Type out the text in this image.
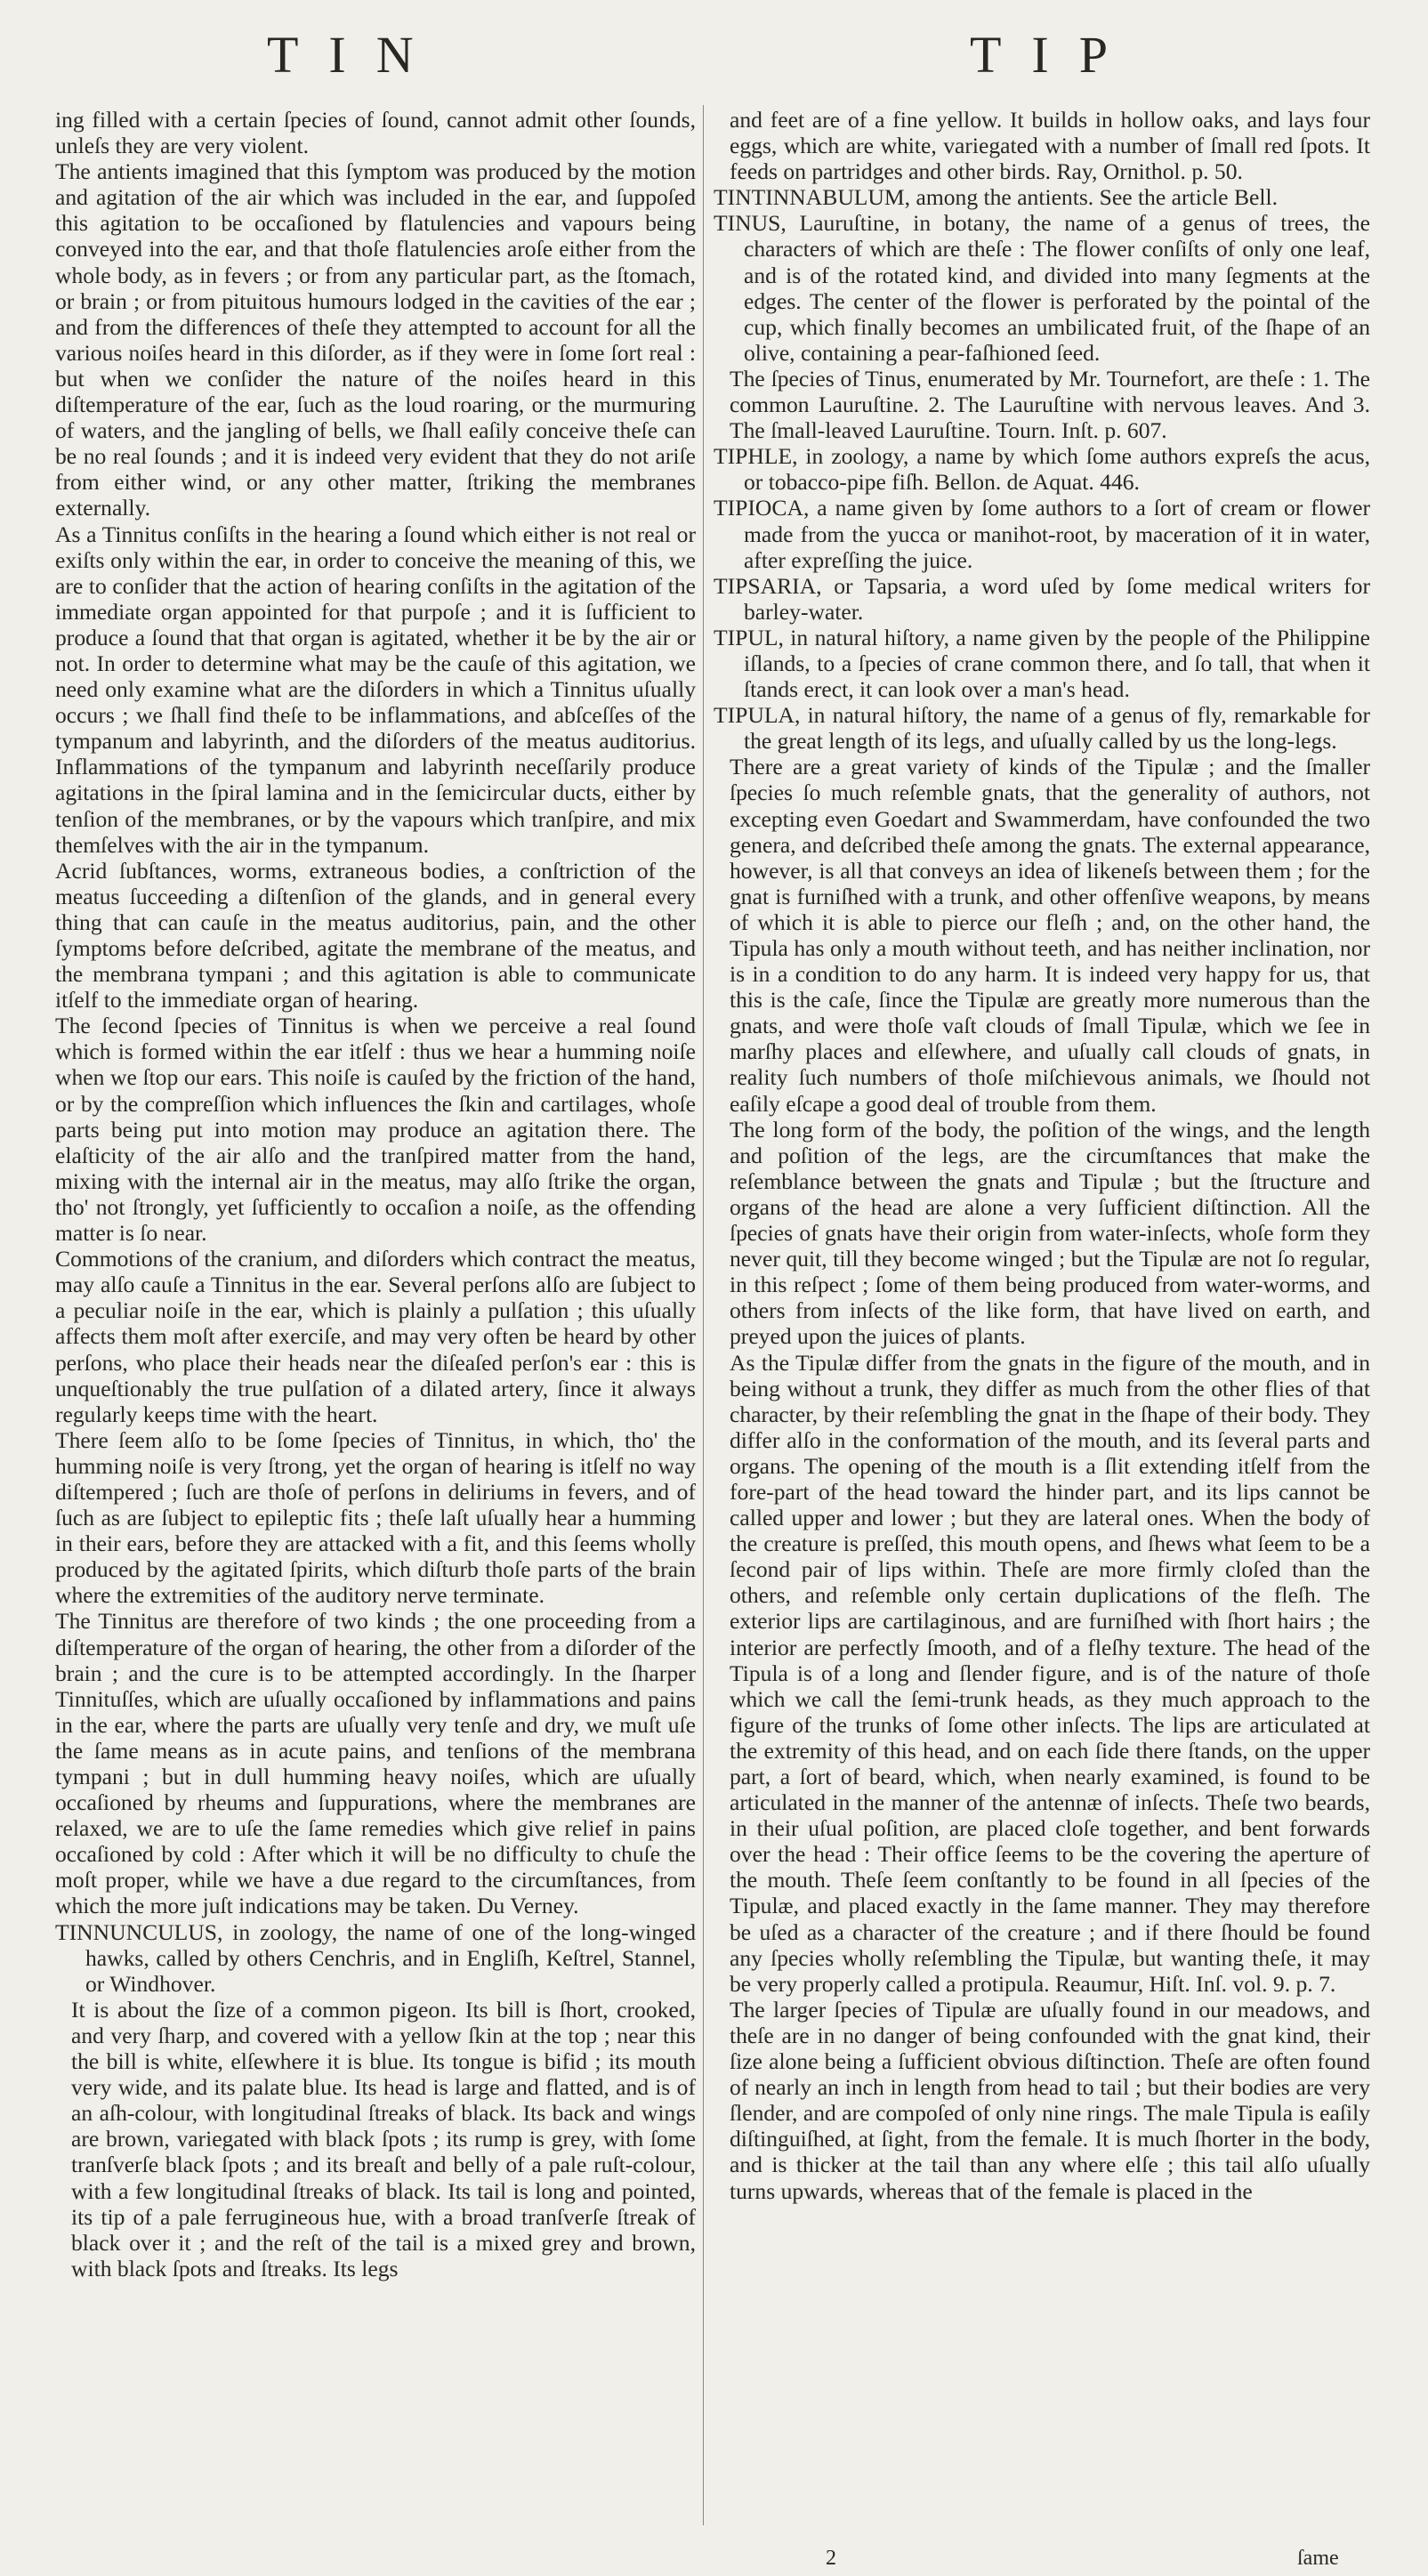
TIN	TIP

ing filled with a certain ſpecies of ſound, cannot admit other ſounds, unleſs they are very violent.

The antients imagined that this ſymptom was produced by the motion and agitation of the air which was included in the ear, and ſuppoſed this agitation to be occaſioned by flatulencies and vapours being conveyed into the ear, and that thoſe flatulencies aroſe either from the whole body, as in fevers ; or from any particular part, as the ſtomach, or brain ; or from pituitous humours lodged in the cavities of the ear ; and from the differences of theſe they attempted to account for all the various noiſes heard in this diſorder, as if they were in ſome ſort real : but when we conſider the nature of the noiſes heard in this diſtemperature of the ear, ſuch as the loud roaring, or the murmuring of waters, and the jangling of bells, we ſhall eaſily conceive theſe can be no real ſounds ; and it is indeed very evident that they do not ariſe from either wind, or any other matter, ſtriking the membranes externally.

As a Tinnitus conſiſts in the hearing a ſound which either is not real or exiſts only within the ear, in order to conceive the meaning of this, we are to conſider that the action of hearing conſiſts in the agitation of the immediate organ appointed for that purpoſe ; and it is ſufficient to produce a ſound that that organ is agitated, whether it be by the air or not. In order to determine what may be the cauſe of this agitation, we need only examine what are the diſorders in which a Tinnitus uſually occurs ; we ſhall find theſe to be inflammations, and abſceſſes of the tympanum and labyrinth, and the diſorders of the meatus auditorius. Inflammations of the tympanum and labyrinth neceſſarily produce agitations in the ſpiral lamina and in the ſemicircular ducts, either by tenſion of the membranes, or by the vapours which tranſpire, and mix themſelves with the air in the tympanum.

Acrid ſubſtances, worms, extraneous bodies, a conſtriction of the meatus ſucceeding a diſtenſion of the glands, and in general every thing that can cauſe in the meatus auditorius, pain, and the other ſymptoms before deſcribed, agitate the membrane of the meatus, and the membrana tympani ; and this agitation is able to communicate itſelf to the immediate organ of hearing.

The ſecond ſpecies of Tinnitus is when we perceive a real ſound which is formed within the ear itſelf : thus we hear a humming noiſe when we ſtop our ears. This noiſe is cauſed by the friction of the hand, or by the compreſſion which influences the ſkin and cartilages, whoſe parts being put into motion may produce an agitation there. The elaſticity of the air alſo and the tranſpired matter from the hand, mixing with the internal air in the meatus, may alſo ſtrike the organ, tho' not ſtrongly, yet ſufficiently to occaſion a noiſe, as the offending matter is ſo near.

Commotions of the cranium, and diſorders which contract the meatus, may alſo cauſe a Tinnitus in the ear. Several perſons alſo are ſubject to a peculiar noiſe in the ear, which is plainly a pulſation ; this uſually affects them moſt after exerciſe, and may very often be heard by other perſons, who place their heads near the diſeaſed perſon's ear : this is unqueſtionably the true pulſation of a dilated artery, ſince it always regularly keeps time with the heart.

There ſeem alſo to be ſome ſpecies of Tinnitus, in which, tho' the humming noiſe is very ſtrong, yet the organ of hearing is itſelf no way diſtempered ; ſuch are thoſe of perſons in deliriums in fevers, and of ſuch as are ſubject to epileptic fits ; theſe laſt uſually hear a humming in their ears, before they are attacked with a fit, and this ſeems wholly produced by the agitated ſpirits, which diſturb thoſe parts of the brain where the extremities of the auditory nerve terminate.

The Tinnitus are therefore of two kinds ; the one proceeding from a diſtemperature of the organ of hearing, the other from a diſorder of the brain ; and the cure is to be attempted accordingly. In the ſharper Tinnituſſes, which are uſually occaſioned by inflammations and pains in the ear, where the parts are uſually very tenſe and dry, we muſt uſe the ſame means as in acute pains, and tenſions of the membrana tympani ; but in dull humming heavy noiſes, which are uſually occaſioned by rheums and ſuppurations, where the membranes are relaxed, we are to uſe the ſame remedies which give relief in pains occaſioned by cold : After which it will be no difficulty to chuſe the moſt proper, while we have a due regard to the circumſtances, from which the more juſt indications may be taken. Du Verney.

TINNUNCULUS, in zoology, the name of one of the long-winged hawks, called by others Cenchris, and in Engliſh, Keſtrel, Stannel, or Windhover.

It is about the ſize of a common pigeon. Its bill is ſhort, crooked, and very ſharp, and covered with a yellow ſkin at the top ; near this the bill is white, elſewhere it is blue. Its tongue is bifid ; its mouth very wide, and its palate blue. Its head is large and flatted, and is of an aſh-colour, with longitudinal ſtreaks of black. Its back and wings are brown, variegated with black ſpots ; its rump is grey, with ſome tranſverſe black ſpots ; and its breaſt and belly of a pale ruſt-colour, with a few longitudinal ſtreaks of black. Its tail is long and pointed, its tip of a pale ferrugineous hue, with a broad tranſverſe ſtreak of black over it ; and the reſt of the tail is a mixed grey and brown, with black ſpots and ſtreaks. Its legs

and feet are of a fine yellow. It builds in hollow oaks, and lays four eggs, which are white, variegated with a number of ſmall red ſpots. It feeds on partridges and other birds. Ray, Ornithol. p. 50.

TINTINNABULUM, among the antients. See the article Bell.

TINUS, Lauruſtine, in botany, the name of a genus of trees, the characters of which are theſe : The flower conſiſts of only one leaf, and is of the rotated kind, and divided into many ſegments at the edges. The center of the flower is perforated by the pointal of the cup, which finally becomes an umbilicated fruit, of the ſhape of an olive, containing a pear-faſhioned ſeed.

The ſpecies of Tinus, enumerated by Mr. Tournefort, are theſe : 1. The common Lauruſtine. 2. The Lauruſtine with nervous leaves. And 3. The ſmall-leaved Lauruſtine. Tourn. Inſt. p. 607.

TIPHLE, in zoology, a name by which ſome authors expreſs the acus, or tobacco-pipe fiſh. Bellon. de Aquat. 446.

TIPIOCA, a name given by ſome authors to a ſort of cream or flower made from the yucca or manihot-root, by maceration of it in water, after expreſſing the juice.

TIPSARIA, or Tapsaria, a word uſed by ſome medical writers for barley-water.

TIPUL, in natural hiſtory, a name given by the people of the Philippine iſlands, to a ſpecies of crane common there, and ſo tall, that when it ſtands erect, it can look over a man's head.

TIPULA, in natural hiſtory, the name of a genus of fly, remarkable for the great length of its legs, and uſually called by us the long-legs.

There are a great variety of kinds of the Tipulæ ; and the ſmaller ſpecies ſo much reſemble gnats, that the generality of authors, not excepting even Goedart and Swammerdam, have confounded the two genera, and deſcribed theſe among the gnats. The external appearance, however, is all that conveys an idea of likeneſs between them ; for the gnat is furniſhed with a trunk, and other offenſive weapons, by means of which it is able to pierce our fleſh ; and, on the other hand, the Tipula has only a mouth without teeth, and has neither inclination, nor is in a condition to do any harm. It is indeed very happy for us, that this is the caſe, ſince the Tipulæ are greatly more numerous than the gnats, and were thoſe vaſt clouds of ſmall Tipulæ, which we ſee in marſhy places and elſewhere, and uſually call clouds of gnats, in reality ſuch numbers of thoſe miſchievous animals, we ſhould not eaſily eſcape a good deal of trouble from them.

The long form of the body, the poſition of the wings, and the length and poſition of the legs, are the circumſtances that make the reſemblance between the gnats and Tipulæ ; but the ſtructure and organs of the head are alone a very ſufficient diſtinction. All the ſpecies of gnats have their origin from water-inſects, whoſe form they never quit, till they become winged ; but the Tipulæ are not ſo regular, in this reſpect ; ſome of them being produced from water-worms, and others from inſects of the like form, that have lived on earth, and preyed upon the juices of plants.

As the Tipulæ differ from the gnats in the figure of the mouth, and in being without a trunk, they differ as much from the other flies of that character, by their reſembling the gnat in the ſhape of their body. They differ alſo in the conformation of the mouth, and its ſeveral parts and organs. The opening of the mouth is a ſlit extending itſelf from the fore-part of the head toward the hinder part, and its lips cannot be called upper and lower ; but they are lateral ones. When the body of the creature is preſſed, this mouth opens, and ſhews what ſeem to be a ſecond pair of lips within. Theſe are more firmly cloſed than the others, and reſemble only certain duplications of the fleſh. The exterior lips are cartilaginous, and are furniſhed with ſhort hairs ; the interior are perfectly ſmooth, and of a fleſhy texture. The head of the Tipula is of a long and ſlender figure, and is of the nature of thoſe which we call the ſemi-trunk heads, as they much approach to the figure of the trunks of ſome other inſects. The lips are articulated at the extremity of this head, and on each ſide there ſtands, on the upper part, a ſort of beard, which, when nearly examined, is found to be articulated in the manner of the antennæ of inſects. Theſe two beards, in their uſual poſition, are placed cloſe together, and bent forwards over the head : Their office ſeems to be the covering the aperture of the mouth. Theſe ſeem conſtantly to be found in all ſpecies of the Tipulæ, and placed exactly in the ſame manner. They may therefore be uſed as a character of the creature ; and if there ſhould be found any ſpecies wholly reſembling the Tipulæ, but wanting theſe, it may be very properly called a protipula. Reaumur, Hiſt. Inſ. vol. 9. p. 7.

The larger ſpecies of Tipulæ are uſually found in our meadows, and theſe are in no danger of being confounded with the gnat kind, their ſize alone being a ſufficient obvious diſtinction. Theſe are often found of nearly an inch in length from head to tail ; but their bodies are very ſlender, and are compoſed of only nine rings. The male Tipula is eaſily diſtinguiſhed, at ſight, from the female. It is much ſhorter in the body, and is thicker at the tail than any where elſe ; this tail alſo uſually turns upwards, whereas that of the female is placed in the

2	ſame
